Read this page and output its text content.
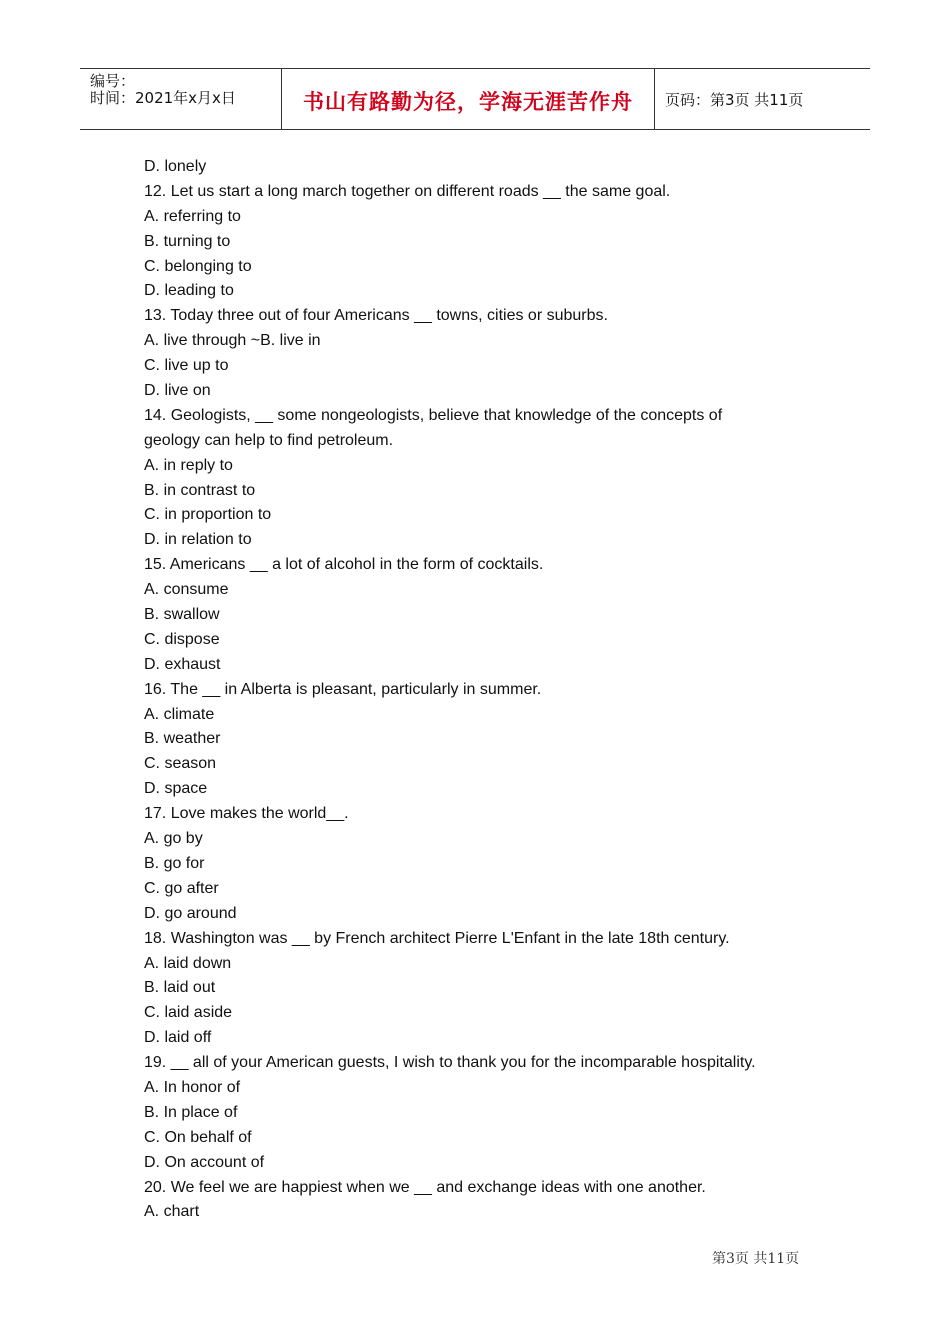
编号：
时间：2021年x月x日	书山有路勤为径，学海无涯苦作舟	页码：第3页 共11页
D. lonely
12. Let us start a long march together on different roads __ the same goal.
A. referring to
B. turning to
C. belonging to
D. leading to
13. Today three out of four Americans __ towns, cities or suburbs.
A. live through ~B. live in
C. live up to
D. live on
14. Geologists, __ some nongeologists, believe that knowledge of the concepts of
geology can help to find petroleum.
A. in reply to
B. in contrast to
C. in proportion to
D. in relation to
15. Americans __ a lot of alcohol in the form of cocktails.
A. consume
B. swallow
C. dispose
D. exhaust
16. The __ in Alberta is pleasant, particularly in summer.
A. climate
B. weather
C. season
D. space
17. Love makes the world__.
A. go by
B. go for
C. go after
D. go around
18. Washington was __ by French architect Pierre L'Enfant in the late 18th century.
A. laid down
B. laid out
C. laid aside
D. laid off
19. __ all of your American guests, I wish to thank you for the incomparable hospitality.
A. In honor of
B. In place of
C. On behalf of
D. On account of
20. We feel we are happiest when we __ and exchange ideas with one another.
A. chart
第3页 共11页
